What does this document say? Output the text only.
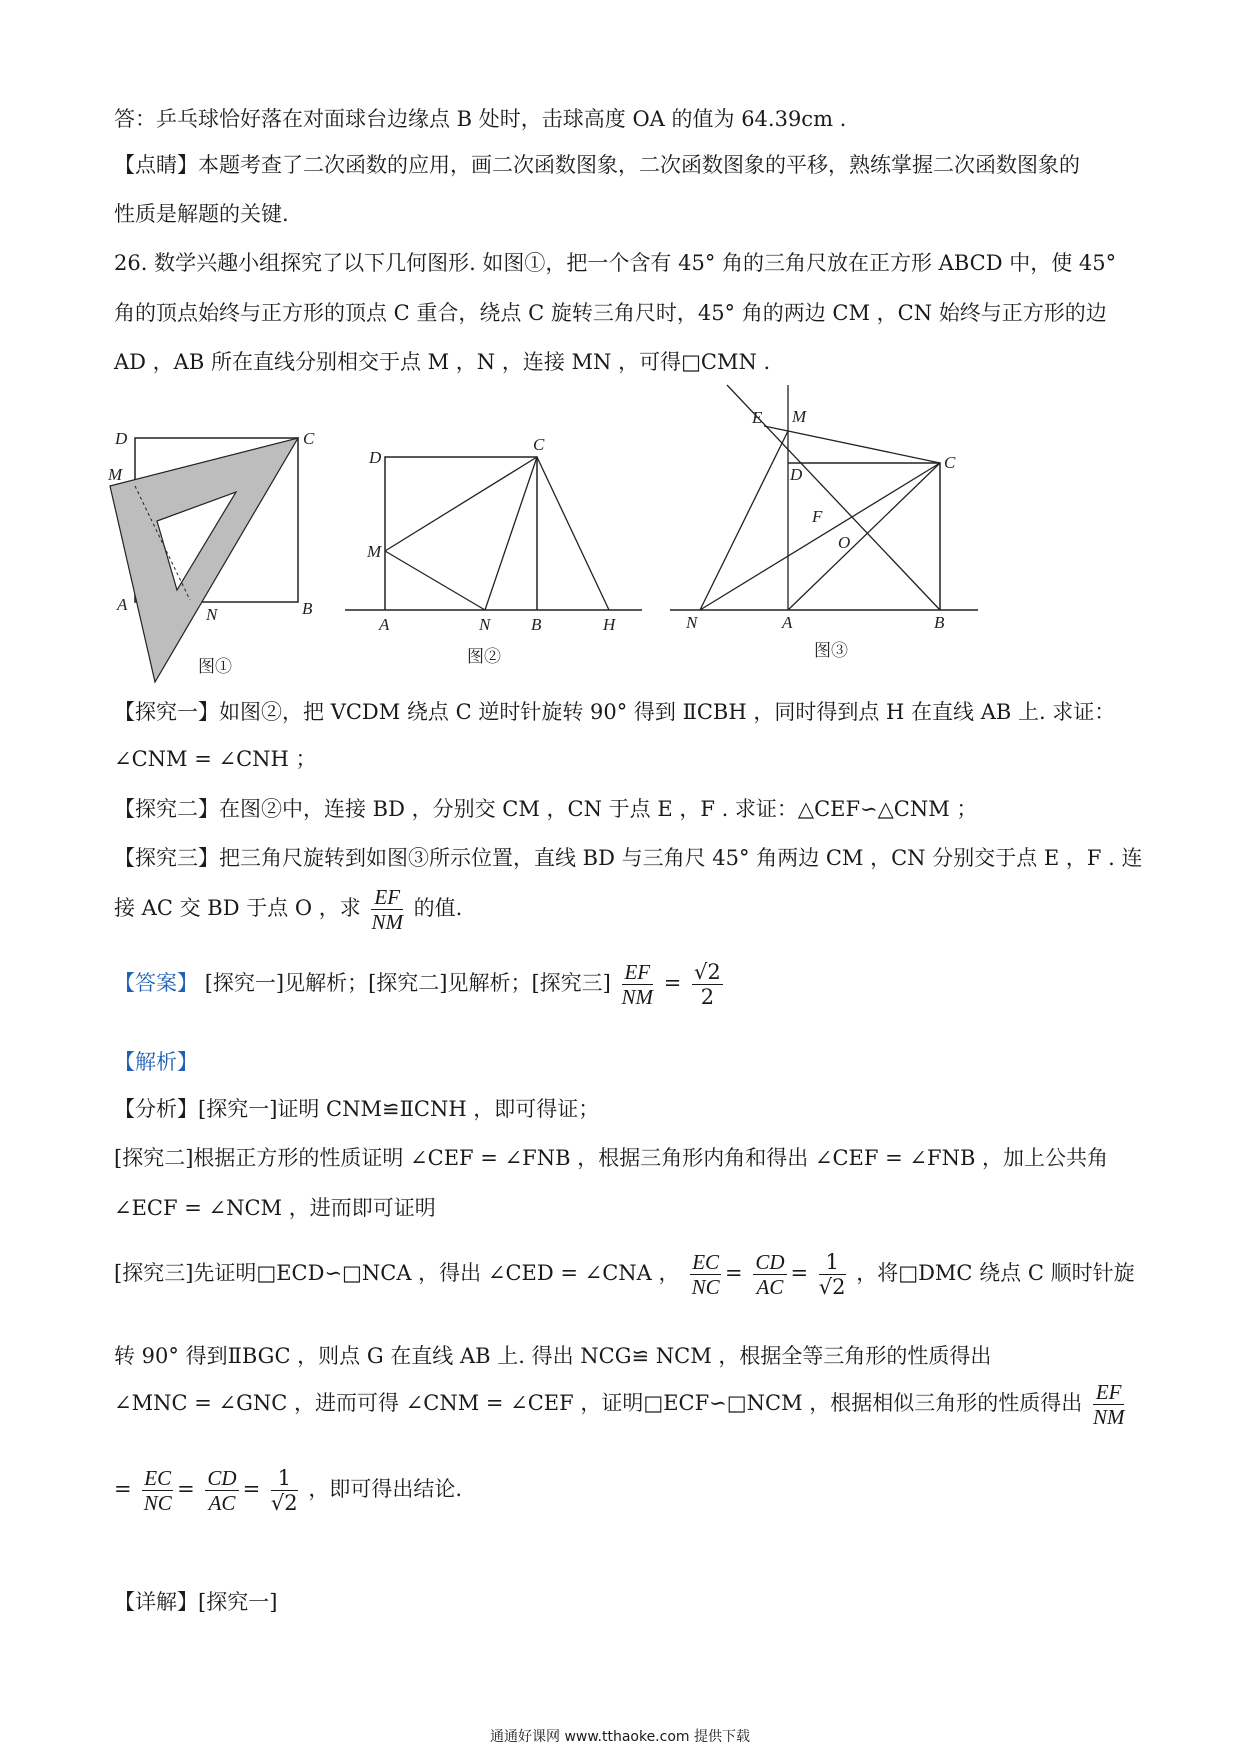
答：乒乓球恰好落在对面球台边缘点 B 处时，击球高度 OA 的值为 64.39cm .
【点睛】本题考查了二次函数的应用，画二次函数图象，二次函数图象的平移，熟练掌握二次函数图象的
性质是解题的关键.
26. 数学兴趣小组探究了以下几何图形. 如图①，把一个含有 45° 角的三角尺放在正方形 ABCD 中，使 45°
角的顶点始终与正方形的顶点 C 重合，绕点 C 旋转三角尺时，45° 角的两边 CM ，CN 始终与正方形的边
AD ，AB 所在直线分别相交于点 M ，N ，连接 MN ，可得□CMN .
D	C
M
A
N	B
图①
D
C
M
A	N B	H
图②
E M
D
C
F
O
N	A	B
图③
【探究一】如图②，把 VCDM 绕点 C 逆时针旋转 90° 得到 ⅡCBH ，同时得到点 H 在直线 AB 上. 求证：
∠CNM = ∠CNH ；
【探究二】在图②中，连接 BD ，分别交 CM ，CN 于点 E ，F . 求证：△CEF∽△CNM ；
【探究三】把三角尺旋转到如图③所示位置，直线 BD 与三角尺 45° 角两边 CM ，CN 分别交于点 E ，F . 连
接 AC 交 BD 于点 O ，求 $\frac{EF}{NM}$ 的值.
【答案】 [探究一]见解析；[探究二]见解析；[探究三] $\frac{EF}{NM} = \frac{√2}{2}$
【解析】
【分析】[探究一]证明 CNM≌ⅡCNH ，即可得证；
[探究二]根据正方形的性质证明 ∠CEF = ∠FNB ，根据三角形内角和得出 ∠CEF = ∠FNB ，加上公共角
∠ECF = ∠NCM ，进而即可证明
[探究三]先证明□ECD∽□NCA ，得出 ∠CED = ∠CNA ， $\frac{EC}{NC} = \frac{CD}{AC} = \frac{1}{√2}$ ，将□DMC 绕点 C 顺时针旋
转 90° 得到ⅡBGC ，则点 G 在直线 AB 上. 得出 NCG≌ NCM ，根据全等三角形的性质得出
∠MNC = ∠GNC ，进而可得 ∠CNM = ∠CEF ，证明□ECF∽□NCM ，根据相似三角形的性质得出 $\frac{EF}{NM}$
= $\frac{EC}{NC} = \frac{CD}{AC} = \frac{1}{√2}$ ，即可得出结论.
【详解】[探究一]
通通好课网 www.tthaoke.com 提供下载
